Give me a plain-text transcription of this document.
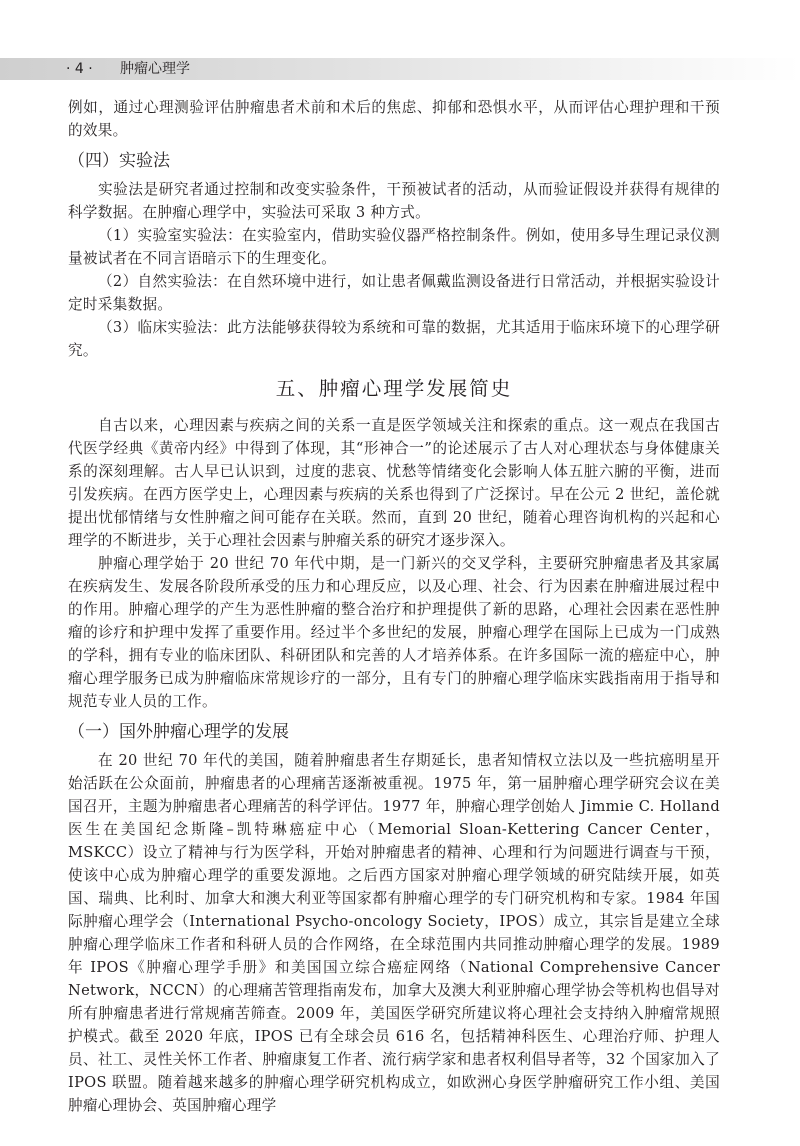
· 4 · 肿瘤心理学

例如，通过心理测验评估肿瘤患者术前和术后的焦虑、抑郁和恐惧水平，从而评估心理护理和干预的效果。

（四）实验法

实验法是研究者通过控制和改变实验条件，干预被试者的活动，从而验证假设并获得有规律的科学数据。在肿瘤心理学中，实验法可采取 3 种方式。

（1）实验室实验法：在实验室内，借助实验仪器严格控制条件。例如，使用多导生理记录仪测量被试者在不同言语暗示下的生理变化。

（2）自然实验法：在自然环境中进行，如让患者佩戴监测设备进行日常活动，并根据实验设计定时采集数据。

（3）临床实验法：此方法能够获得较为系统和可靠的数据，尤其适用于临床环境下的心理学研究。

五、肿瘤心理学发展简史

自古以来，心理因素与疾病之间的关系一直是医学领域关注和探索的重点。这一观点在我国古代医学经典《黄帝内经》中得到了体现，其“形神合一”的论述展示了古人对心理状态与身体健康关系的深刻理解。古人早已认识到，过度的悲哀、忧愁等情绪变化会影响人体五脏六腑的平衡，进而引发疾病。在西方医学史上，心理因素与疾病的关系也得到了广泛探讨。早在公元 2 世纪，盖伦就提出忧郁情绪与女性肿瘤之间可能存在关联。然而，直到 20 世纪，随着心理咨询机构的兴起和心理学的不断进步，关于心理社会因素与肿瘤关系的研究才逐步深入。

肿瘤心理学始于 20 世纪 70 年代中期，是一门新兴的交叉学科，主要研究肿瘤患者及其家属在疾病发生、发展各阶段所承受的压力和心理反应，以及心理、社会、行为因素在肿瘤进展过程中的作用。肿瘤心理学的产生为恶性肿瘤的整合治疗和护理提供了新的思路，心理社会因素在恶性肿瘤的诊疗和护理中发挥了重要作用。经过半个多世纪的发展，肿瘤心理学在国际上已成为一门成熟的学科，拥有专业的临床团队、科研团队和完善的人才培养体系。在许多国际一流的癌症中心，肿瘤心理学服务已成为肿瘤临床常规诊疗的一部分，且有专门的肿瘤心理学临床实践指南用于指导和规范专业人员的工作。

（一）国外肿瘤心理学的发展

在 20 世纪 70 年代的美国，随着肿瘤患者生存期延长，患者知情权立法以及一些抗癌明星开始活跃在公众面前，肿瘤患者的心理痛苦逐渐被重视。1975 年，第一届肿瘤心理学研究会议在美国召开，主题为肿瘤患者心理痛苦的科学评估。1977 年，肿瘤心理学创始人 Jimmie C. Holland 医生在美国纪念斯隆–凯特琳癌症中心（Memorial Sloan-Kettering Cancer Center，MSKCC）设立了精神与行为医学科，开始对肿瘤患者的精神、心理和行为问题进行调查与干预，使该中心成为肿瘤心理学的重要发源地。之后西方国家对肿瘤心理学领域的研究陆续开展，如英国、瑞典、比利时、加拿大和澳大利亚等国家都有肿瘤心理学的专门研究机构和专家。1984 年国际肿瘤心理学会（International Psycho-oncology Society，IPOS）成立，其宗旨是建立全球肿瘤心理学临床工作者和科研人员的合作网络，在全球范围内共同推动肿瘤心理学的发展。1989 年 IPOS《肿瘤心理学手册》和美国国立综合癌症网络（National Comprehensive Cancer Network，NCCN）的心理痛苦管理指南发布，加拿大及澳大利亚肿瘤心理学协会等机构也倡导对所有肿瘤患者进行常规痛苦筛查。2009 年，美国医学研究所建议将心理社会支持纳入肿瘤常规照护模式。截至 2020 年底，IPOS 已有全球会员 616 名，包括精神科医生、心理治疗师、护理人员、社工、灵性关怀工作者、肿瘤康复工作者、流行病学家和患者权利倡导者等，32 个国家加入了 IPOS 联盟。随着越来越多的肿瘤心理学研究机构成立，如欧洲心身医学肿瘤研究工作小组、美国肿瘤心理协会、英国肿瘤心理学
